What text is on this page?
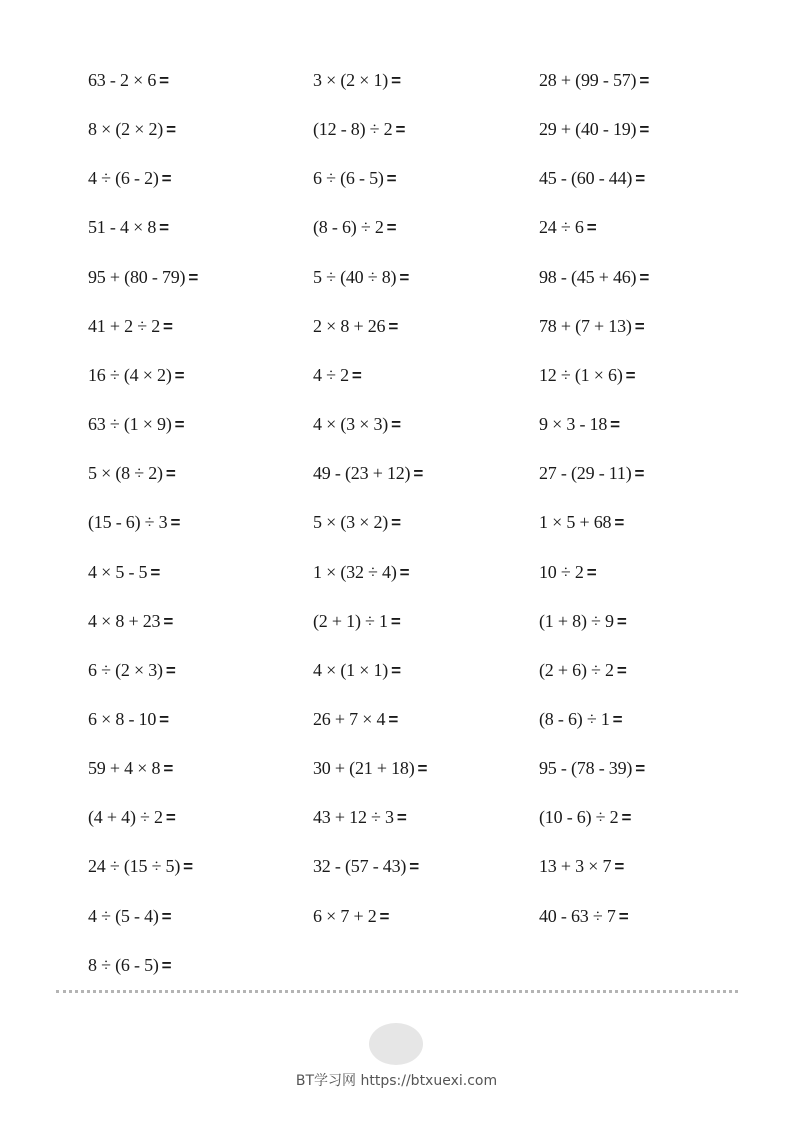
63 - 2 × 6 =
8 × (2 × 2) =
4 ÷ (6 - 2) =
51 - 4 × 8 =
95 + (80 - 79) =
41 + 2 ÷ 2 =
16 ÷ (4 × 2) =
63 ÷ (1 × 9) =
5 × (8 ÷ 2) =
(15 - 6) ÷ 3 =
4 × 5 - 5 =
4 × 8 + 23 =
6 ÷ (2 × 3) =
6 × 8 - 10 =
59 + 4 × 8 =
(4 + 4) ÷ 2 =
24 ÷ (15 ÷ 5) =
4 ÷ (5 - 4) =
8 ÷ (6 - 5) =
3 × (2 × 1) =
(12 - 8) ÷ 2 =
6 ÷ (6 - 5) =
(8 - 6) ÷ 2 =
5 ÷ (40 ÷ 8) =
2 × 8 + 26 =
4 ÷ 2 =
4 × (3 × 3) =
49 - (23 + 12) =
5 × (3 × 2) =
1 × (32 ÷ 4) =
(2 + 1) ÷ 1 =
4 × (1 × 1) =
26 + 7 × 4 =
30 + (21 + 18) =
43 + 12 ÷ 3 =
32 - (57 - 43) =
6 × 7 + 2 =
28 + (99 - 57) =
29 + (40 - 19) =
45 - (60 - 44) =
24 ÷ 6 =
98 - (45 + 46) =
78 + (7 + 13) =
12 ÷ (1 × 6) =
9 × 3 - 18 =
27 - (29 - 11) =
1 × 5 + 68 =
10 ÷ 2 =
(1 + 8) ÷ 9 =
(2 + 6) ÷ 2 =
(8 - 6) ÷ 1 =
95 - (78 - 39) =
(10 - 6) ÷ 2 =
13 + 3 × 7 =
40 - 63 ÷ 7 =
BT学习网 https://btxuexi.com
